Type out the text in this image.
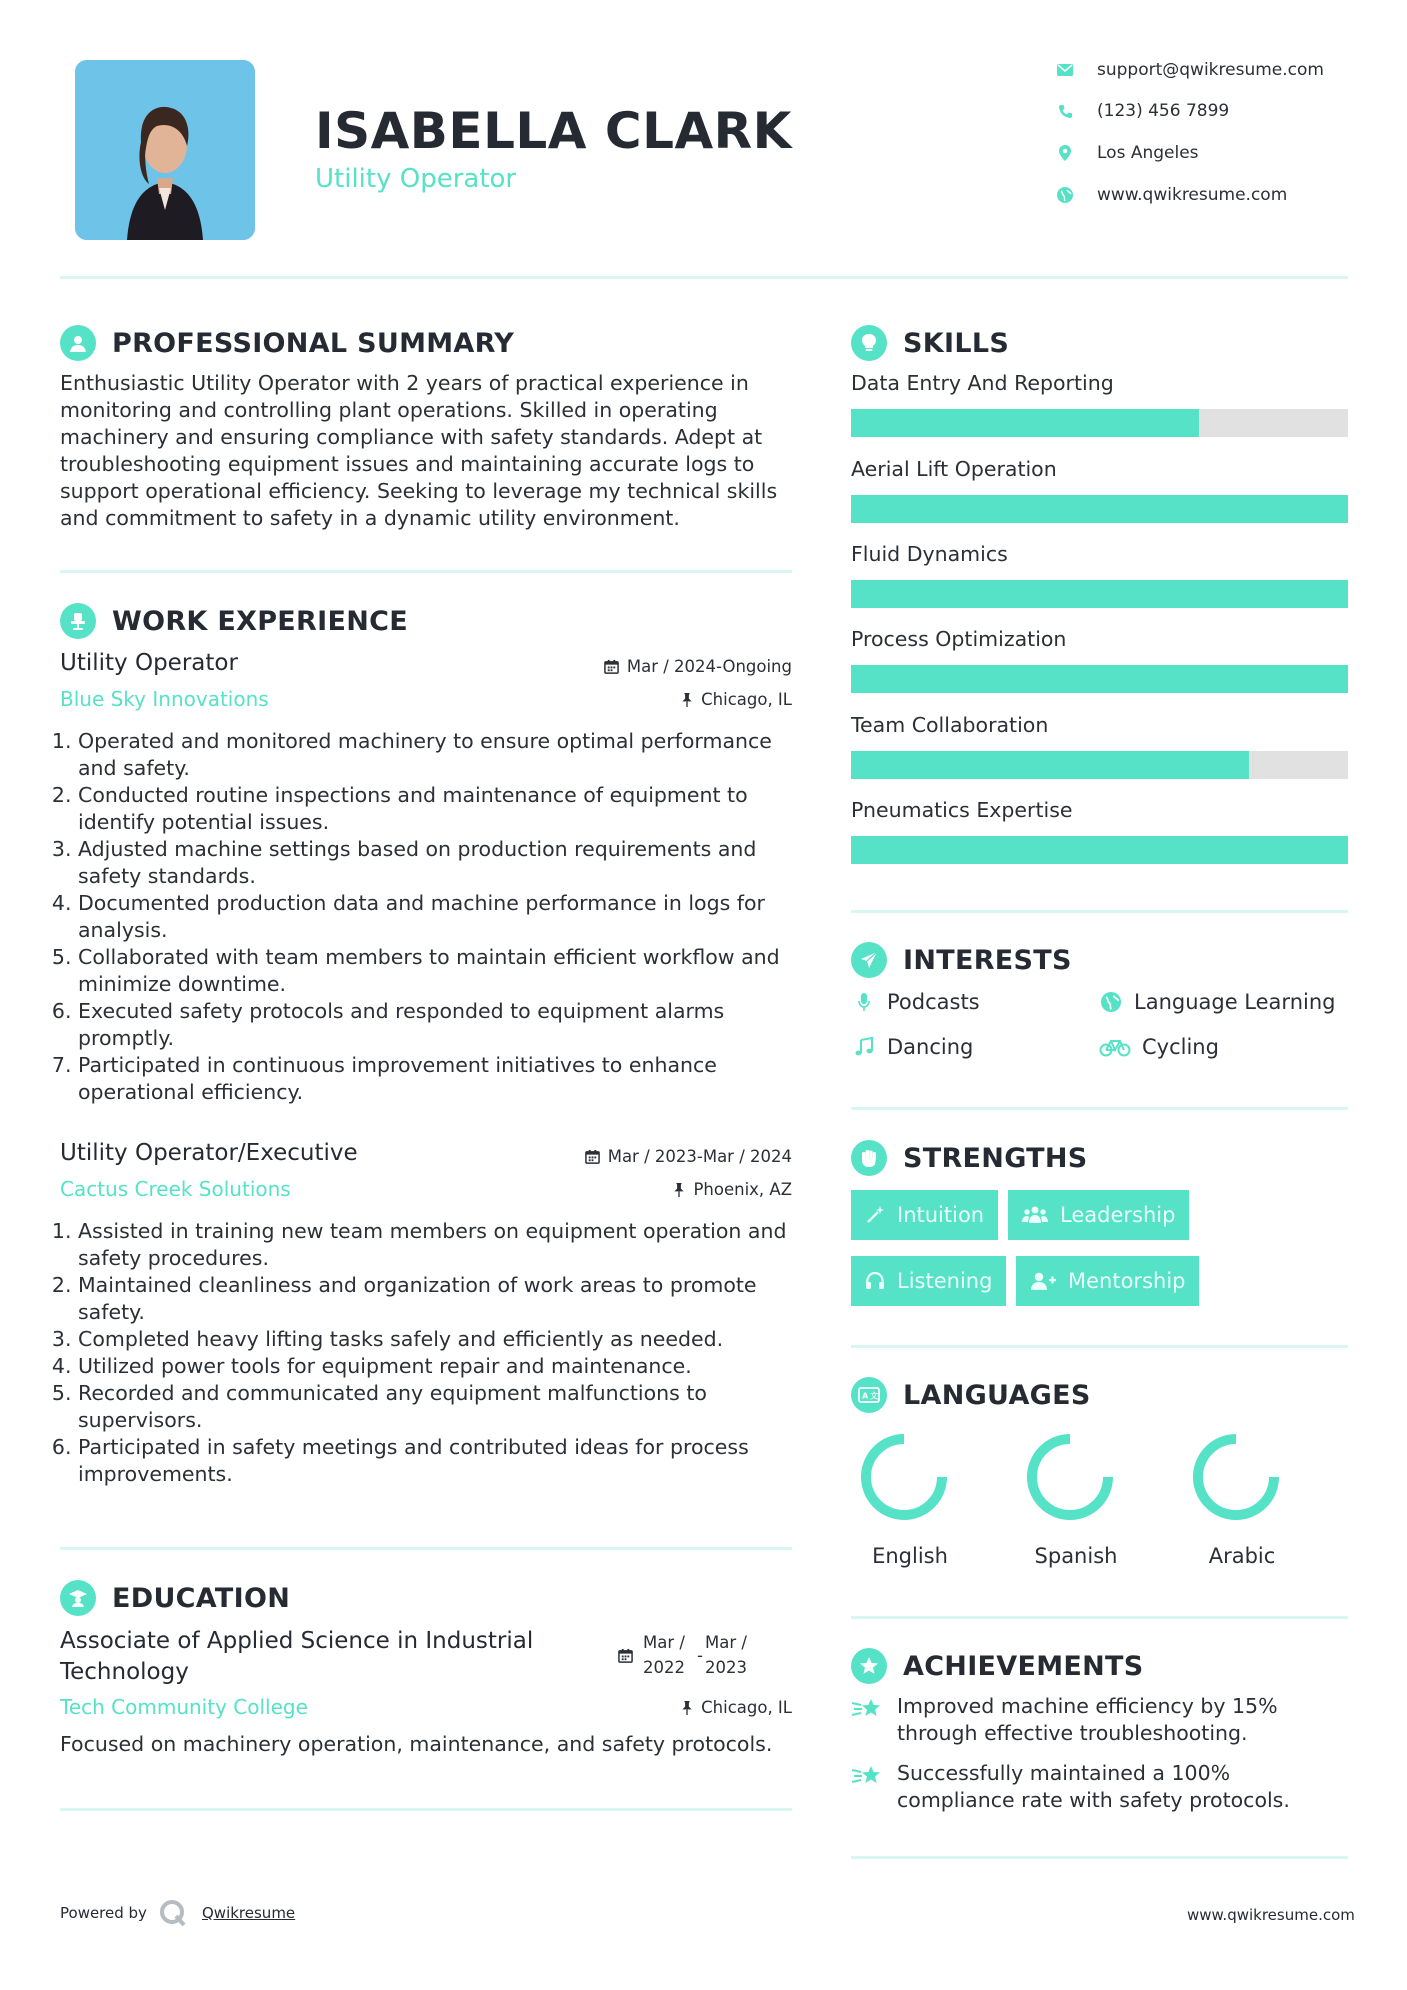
ISABELLA CLARK
Utility Operator
support@qwikresume.com
(123) 456 7899
Los Angeles
www.qwikresume.com
PROFESSIONAL SUMMARY
Enthusiastic Utility Operator with 2 years of practical experience in monitoring and controlling plant operations. Skilled in operating machinery and ensuring compliance with safety standards. Adept at troubleshooting equipment issues and maintaining accurate logs to support operational efficiency. Seeking to leverage my technical skills and commitment to safety in a dynamic utility environment.
WORK EXPERIENCE
Utility Operator	Mar / 2024-Ongoing
Blue Sky Innovations	Chicago, IL
1. Operated and monitored machinery to ensure optimal performance and safety.
2. Conducted routine inspections and maintenance of equipment to identify potential issues.
3. Adjusted machine settings based on production requirements and safety standards.
4. Documented production data and machine performance in logs for analysis.
5. Collaborated with team members to maintain efficient workflow and minimize downtime.
6. Executed safety protocols and responded to equipment alarms promptly.
7. Participated in continuous improvement initiatives to enhance operational efficiency.
Utility Operator/Executive	Mar / 2023-Mar / 2024
Cactus Creek Solutions	Phoenix, AZ
1. Assisted in training new team members on equipment operation and safety procedures.
2. Maintained cleanliness and organization of work areas to promote safety.
3. Completed heavy lifting tasks safely and efficiently as needed.
4. Utilized power tools for equipment repair and maintenance.
5. Recorded and communicated any equipment malfunctions to supervisors.
6. Participated in safety meetings and contributed ideas for process improvements.
EDUCATION
Associate of Applied Science in Industrial Technology
Mar / 2022
-
Mar / 2023
Tech Community College	Chicago, IL
Focused on machinery operation, maintenance, and safety protocols.
SKILLS
Data Entry And Reporting
Aerial Lift Operation
Fluid Dynamics
Process Optimization
Team Collaboration
Pneumatics Expertise
INTERESTS
Podcasts	Language Learning
Dancing	Cycling
STRENGTHS
Intuition	Leadership
Listening	Mentorship
A 文 LANGUAGES
English	Spanish	Arabic
ACHIEVEMENTS
Improved machine efficiency by 15% through effective troubleshooting.
Successfully maintained a 100% compliance rate with safety protocols.
Powered by	Qwikresume	www.qwikresume.com
